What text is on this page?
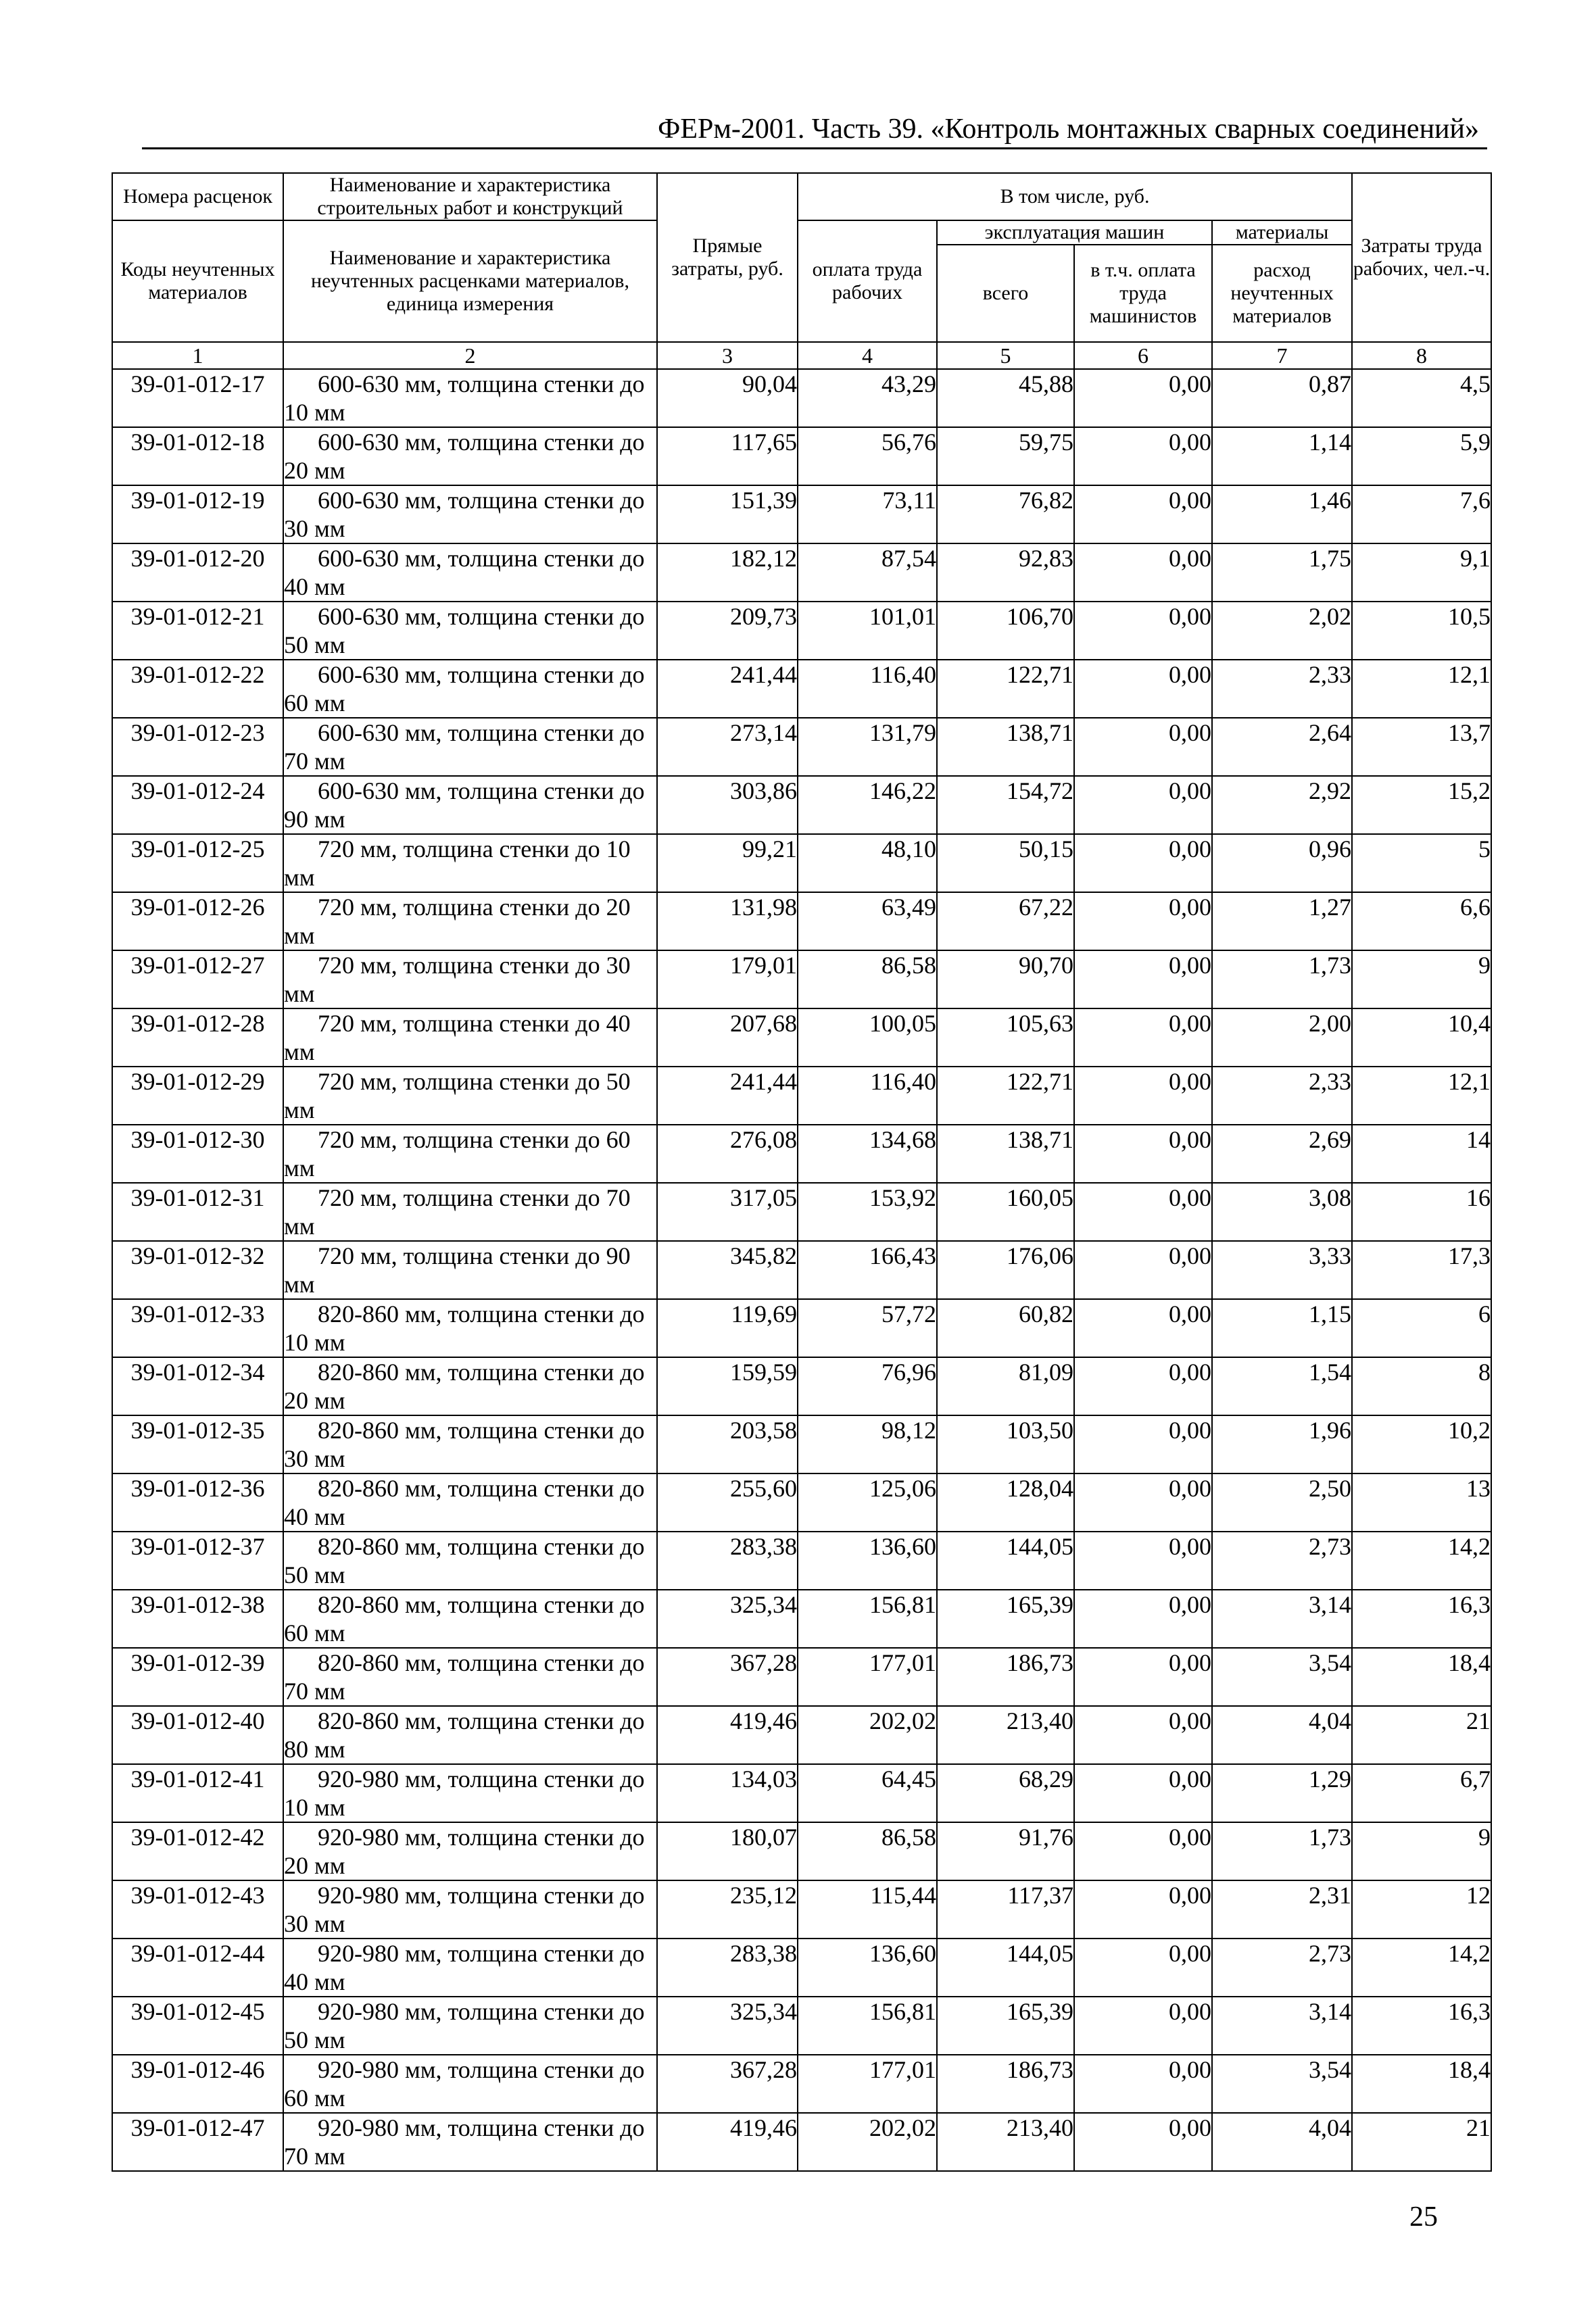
ФЕРм-2001. Часть 39. «Контроль монтажных сварных соединений»
Номера расценок	Наименование и характеристика строительных работ и конструкций	Прямые затраты, руб.	В том числе, руб.				Затраты труда рабочих, чел.-ч.
Коды неучтенных материалов	Наименование и характеристика неучтенных расценками материалов, единица измерения		оплата труда рабочих	эксплуатация машин		материалы	
				всего	в т.ч. оплата труда машинистов	расход неучтенных материалов	
1	2	3	4	5	6	7	8
39-01-012-17	600-630 мм, толщина стенки до 10 мм	90,04	43,29	45,88	0,00	0,87	4,5
39-01-012-18	600-630 мм, толщина стенки до 20 мм	117,65	56,76	59,75	0,00	1,14	5,9
39-01-012-19	600-630 мм, толщина стенки до 30 мм	151,39	73,11	76,82	0,00	1,46	7,6
39-01-012-20	600-630 мм, толщина стенки до 40 мм	182,12	87,54	92,83	0,00	1,75	9,1
39-01-012-21	600-630 мм, толщина стенки до 50 мм	209,73	101,01	106,70	0,00	2,02	10,5
39-01-012-22	600-630 мм, толщина стенки до 60 мм	241,44	116,40	122,71	0,00	2,33	12,1
39-01-012-23	600-630 мм, толщина стенки до 70 мм	273,14	131,79	138,71	0,00	2,64	13,7
39-01-012-24	600-630 мм, толщина стенки до 90 мм	303,86	146,22	154,72	0,00	2,92	15,2
39-01-012-25	720 мм, толщина стенки до 10 мм	99,21	48,10	50,15	0,00	0,96	5
39-01-012-26	720 мм, толщина стенки до 20 мм	131,98	63,49	67,22	0,00	1,27	6,6
39-01-012-27	720 мм, толщина стенки до 30 мм	179,01	86,58	90,70	0,00	1,73	9
39-01-012-28	720 мм, толщина стенки до 40 мм	207,68	100,05	105,63	0,00	2,00	10,4
39-01-012-29	720 мм, толщина стенки до 50 мм	241,44	116,40	122,71	0,00	2,33	12,1
39-01-012-30	720 мм, толщина стенки до 60 мм	276,08	134,68	138,71	0,00	2,69	14
39-01-012-31	720 мм, толщина стенки до 70 мм	317,05	153,92	160,05	0,00	3,08	16
39-01-012-32	720 мм, толщина стенки до 90 мм	345,82	166,43	176,06	0,00	3,33	17,3
39-01-012-33	820-860 мм, толщина стенки до 10 мм	119,69	57,72	60,82	0,00	1,15	6
39-01-012-34	820-860 мм, толщина стенки до 20 мм	159,59	76,96	81,09	0,00	1,54	8
39-01-012-35	820-860 мм, толщина стенки до 30 мм	203,58	98,12	103,50	0,00	1,96	10,2
39-01-012-36	820-860 мм, толщина стенки до 40 мм	255,60	125,06	128,04	0,00	2,50	13
39-01-012-37	820-860 мм, толщина стенки до 50 мм	283,38	136,60	144,05	0,00	2,73	14,2
39-01-012-38	820-860 мм, толщина стенки до 60 мм	325,34	156,81	165,39	0,00	3,14	16,3
39-01-012-39	820-860 мм, толщина стенки до 70 мм	367,28	177,01	186,73	0,00	3,54	18,4
39-01-012-40	820-860 мм, толщина стенки до 80 мм	419,46	202,02	213,40	0,00	4,04	21
39-01-012-41	920-980 мм, толщина стенки до 10 мм	134,03	64,45	68,29	0,00	1,29	6,7
39-01-012-42	920-980 мм, толщина стенки до 20 мм	180,07	86,58	91,76	0,00	1,73	9
39-01-012-43	920-980 мм, толщина стенки до 30 мм	235,12	115,44	117,37	0,00	2,31	12
39-01-012-44	920-980 мм, толщина стенки до 40 мм	283,38	136,60	144,05	0,00	2,73	14,2
39-01-012-45	920-980 мм, толщина стенки до 50 мм	325,34	156,81	165,39	0,00	3,14	16,3
39-01-012-46	920-980 мм, толщина стенки до 60 мм	367,28	177,01	186,73	0,00	3,54	18,4
39-01-012-47	920-980 мм, толщина стенки до 70 мм	419,46	202,02	213,40	0,00	4,04	21
25
